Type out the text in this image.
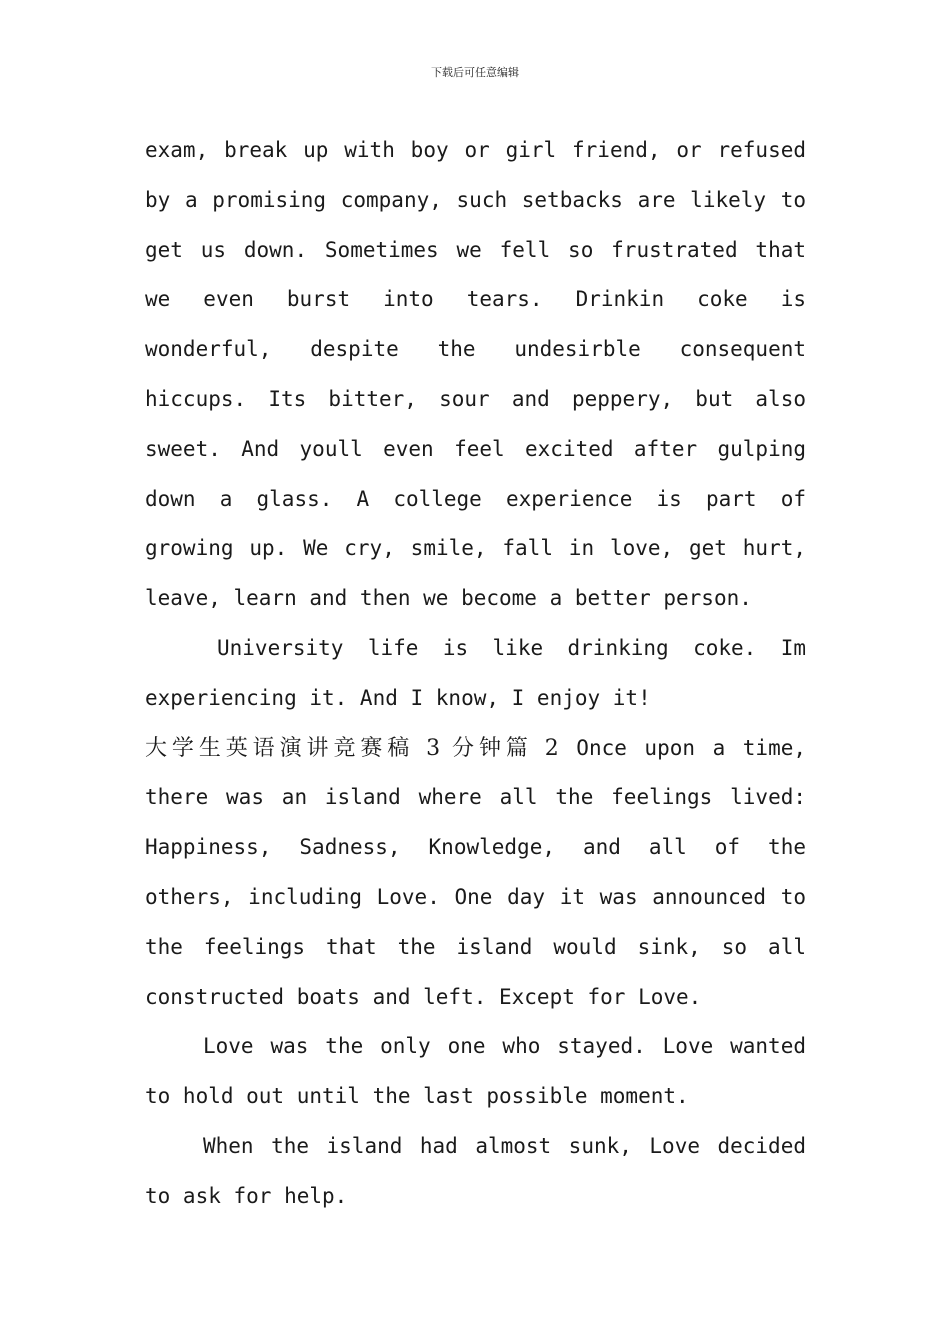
下载后可任意编辑
exam, break up with boy or girl friend, or refused
by a promising company, such setbacks are likely to
get us down. Sometimes we fell so frustrated that
we even burst into tears. Drinkin coke is
wonderful, despite the undesirble consequent
hiccups. Its bitter, sour and peppery, but also
sweet. And youll even feel excited after gulping
down a glass. A college experience is part of
growing up. We cry, smile, fall in love, get hurt,
leave, learn and then we become a better person.
University life is like drinking coke. Im
experiencing it. And I know, I enjoy it!
大学生英语演讲竞赛稿 3 分钟篇 2 Once upon a time,
there was an island where all the feelings lived:
Happiness, Sadness, Knowledge, and all of the
others, including Love. One day it was announced to
the feelings that the island would sink, so all
constructed boats and left. Except for Love.
Love was the only one who stayed. Love wanted
to hold out until the last possible moment.
When the island had almost sunk, Love decided
to ask for help.
